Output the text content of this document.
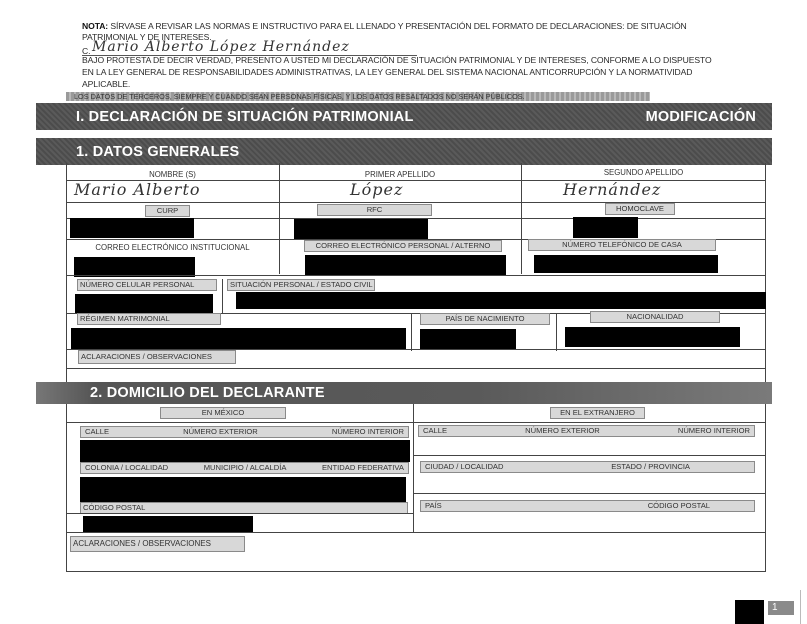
NOTA: SÍRVASE A REVISAR LAS NORMAS E INSTRUCTIVO PARA EL LLENADO Y PRESENTACIÓN DEL FORMATO DE DECLARACIONES: DE SITUACIÓN
PATRIMONIAL Y DE INTERESES.
C. Mario Alberto López Hernández
BAJO PROTESTA DE DECIR VERDAD, PRESENTO A USTED MI DECLARACIÓN DE SITUACIÓN PATRIMONIAL Y DE INTERESES, CONFORME A LO DISPUESTO
EN LA LEY GENERAL DE RESPONSABILIDADES ADMINISTRATIVAS, LA LEY GENERAL DEL SISTEMA NACIONAL ANTICORRUPCIÓN Y LA NORMATIVIDAD
APLICABLE.
LOS DATOS DE TERCEROS, SIEMPRE Y CUANDO SEAN PERSONAS FÍSICAS, Y LOS DATOS RESALTADOS NO SERÁN PÚBLICOS.
I. DECLARACIÓN DE SITUACIÓN PATRIMONIAL	MODIFICACIÓN
1. DATOS GENERALES
NOMBRE (S)	PRIMER APELLIDO	SEGUNDO APELLIDO
Mario Alberto	López	Hernández
CURP	RFC	HOMOCLAVE
CORREO ELECTRÓNICO INSTITUCIONAL	CORREO ELECTRÓNICO PERSONAL / ALTERNO	NÚMERO TELEFÓNICO DE CASA
NÚMERO CELULAR PERSONAL	SITUACIÓN PERSONAL / ESTADO CIVIL
RÉGIMEN MATRIMONIAL	PAÍS DE NACIMIENTO	NACIONALIDAD
ACLARACIONES / OBSERVACIONES
2. DOMICILIO DEL DECLARANTE
EN MÉXICO
CALLE	NÚMERO EXTERIOR	NÚMERO INTERIOR
COLONIA / LOCALIDAD	MUNICIPIO / ALCALDÍA	ENTIDAD FEDERATIVA
CÓDIGO POSTAL
EN EL EXTRANJERO
CALLE	NÚMERO EXTERIOR	NÚMERO INTERIOR
CIUDAD / LOCALIDAD	ESTADO / PROVINCIA
PAÍS	CÓDIGO POSTAL
ACLARACIONES / OBSERVACIONES
1
